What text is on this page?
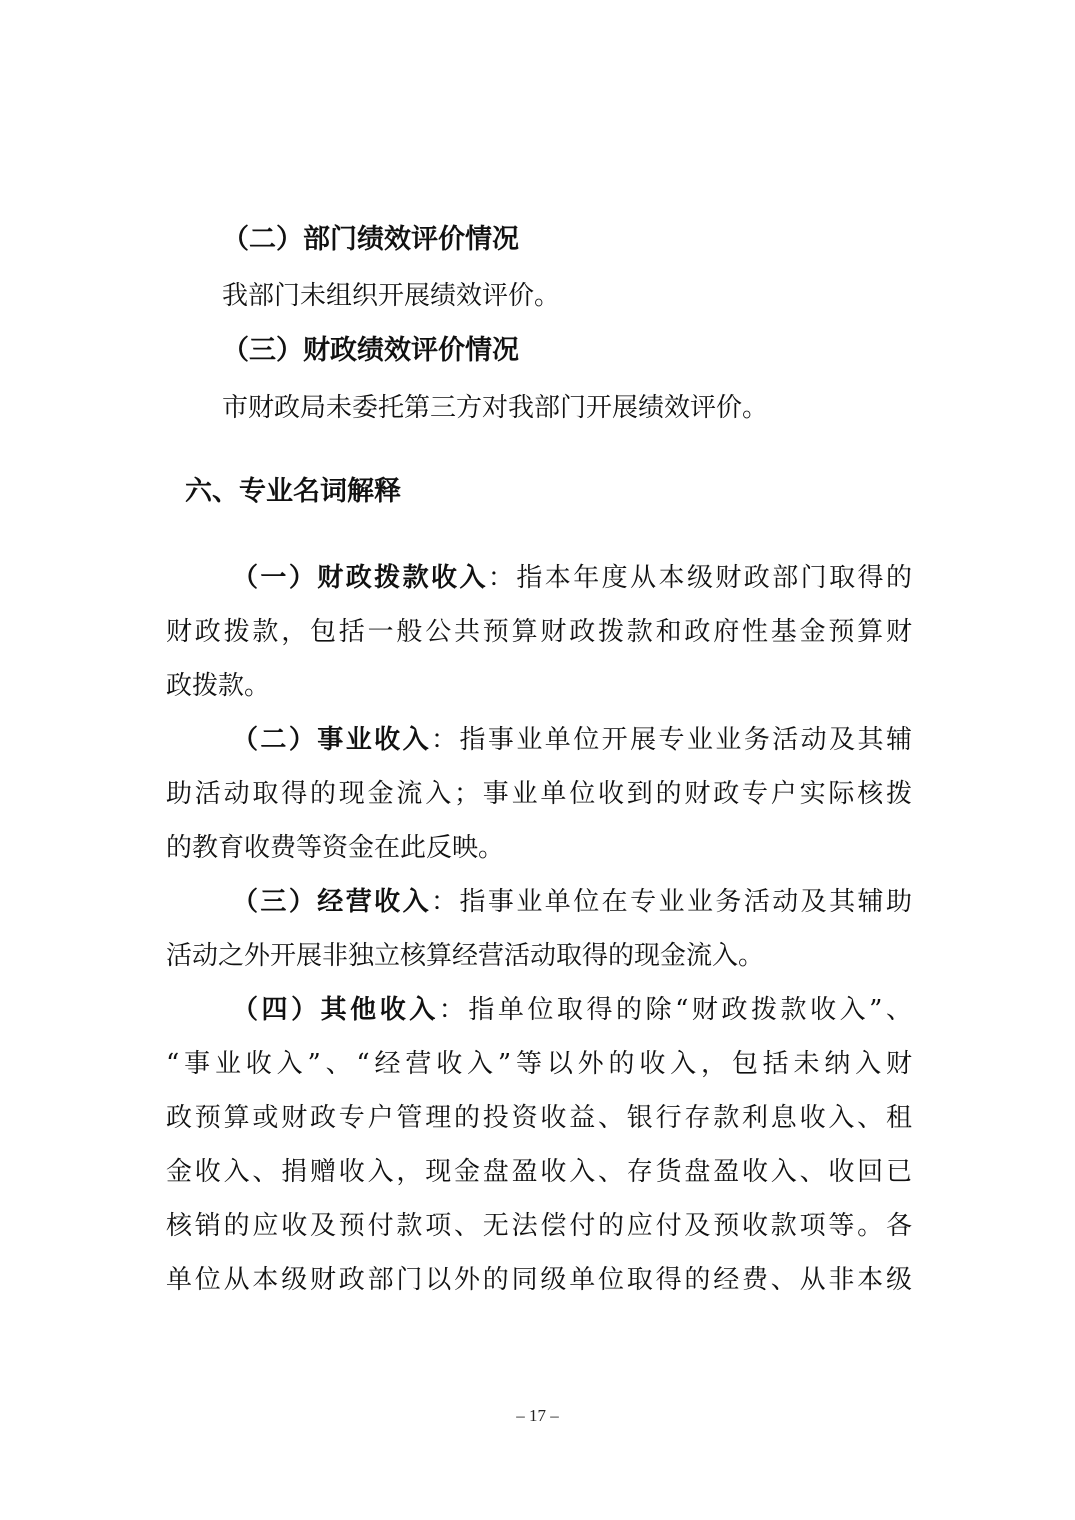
（二）部门绩效评价情况
我部门未组织开展绩效评价。
（三）财政绩效评价情况
市财政局未委托第三方对我部门开展绩效评价。
六、专业名词解释
（一）财政拨款收入：指本年度从本级财政部门取得的
财政拨款，包括一般公共预算财政拨款和政府性基金预算财
政拨款。
（二）事业收入：指事业单位开展专业业务活动及其辅
助活动取得的现金流入；事业单位收到的财政专户实际核拨
的教育收费等资金在此反映。
（三）经营收入：指事业单位在专业业务活动及其辅助
活动之外开展非独立核算经营活动取得的现金流入。
（四）其他收入：指单位取得的除“财政拨款收入”、
“事业收入”、“经营收入”等以外的收入，包括未纳入财
政预算或财政专户管理的投资收益、银行存款利息收入、租
金收入、捐赠收入，现金盘盈收入、存货盘盈收入、收回已
核销的应收及预付款项、无法偿付的应付及预收款项等。各
单位从本级财政部门以外的同级单位取得的经费、从非本级
– 17 –
